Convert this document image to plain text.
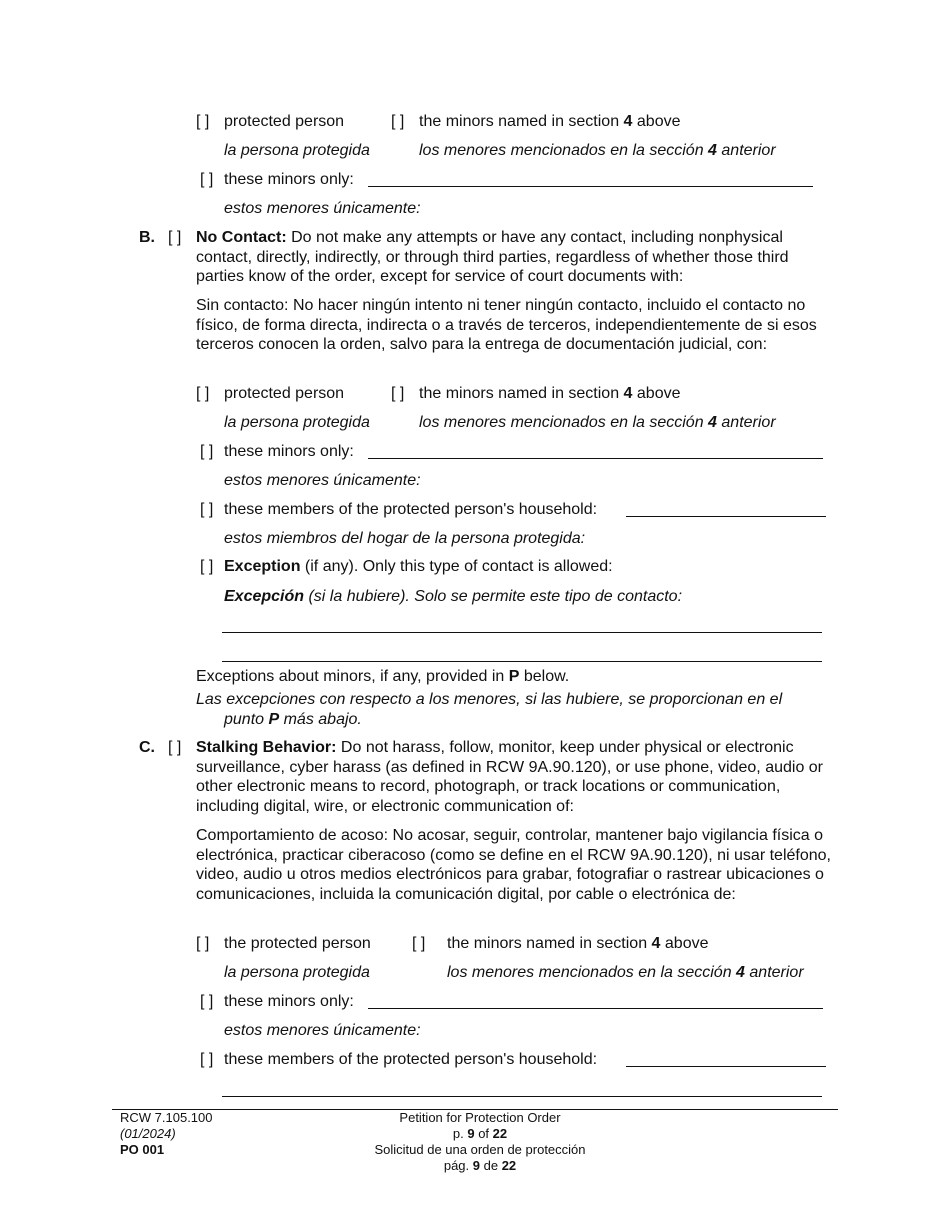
[ ] protected person	[ ] the minors named in section 4 above
la persona protegida	los menores mencionados en la sección 4 anterior
[ ] these minors only:
estos menores únicamente:
B. [ ] No Contact: Do not make any attempts or have any contact, including nonphysical contact, directly, indirectly, or through third parties, regardless of whether those third parties know of the order, except for service of court documents with:
Sin contacto: No hacer ningún intento ni tener ningún contacto, incluido el contacto no físico, de forma directa, indirecta o a través de terceros, independientemente de si esos terceros conocen la orden, salvo para la entrega de documentación judicial, con:
[ ] protected person	[ ] the minors named in section 4 above
la persona protegida	los menores mencionados en la sección 4 anterior
[ ] these minors only:
estos menores únicamente:
[ ] these members of the protected person's household:
estos miembros del hogar de la persona protegida:
[ ] Exception (if any). Only this type of contact is allowed:
Excepción (si la hubiere). Solo se permite este tipo de contacto:
Exceptions about minors, if any, provided in P below.
Las excepciones con respecto a los menores, si las hubiere, se proporcionan en el
punto P más abajo.
C. [ ] Stalking Behavior: Do not harass, follow, monitor, keep under physical or electronic surveillance, cyber harass (as defined in RCW 9A.90.120), or use phone, video, audio or other electronic means to record, photograph, or track locations or communication, including digital, wire, or electronic communication of:
Comportamiento de acoso: No acosar, seguir, controlar, mantener bajo vigilancia física o electrónica, practicar ciberacoso (como se define en el RCW 9A.90.120), ni usar teléfono, video, audio u otros medios electrónicos para grabar, fotografiar o rastrear ubicaciones o comunicaciones, incluida la comunicación digital, por cable o electrónica de:
[ ] the protected person	[ ] the minors named in section 4 above
la persona protegida	los menores mencionados en la sección 4 anterior
[ ] these minors only:
estos menores únicamente:
[ ] these members of the protected person's household:
RCW 7.105.100
(01/2024)
PO 001
Petition for Protection Order
p. 9 of 22
Solicitud de una orden de protección
pág. 9 de 22
